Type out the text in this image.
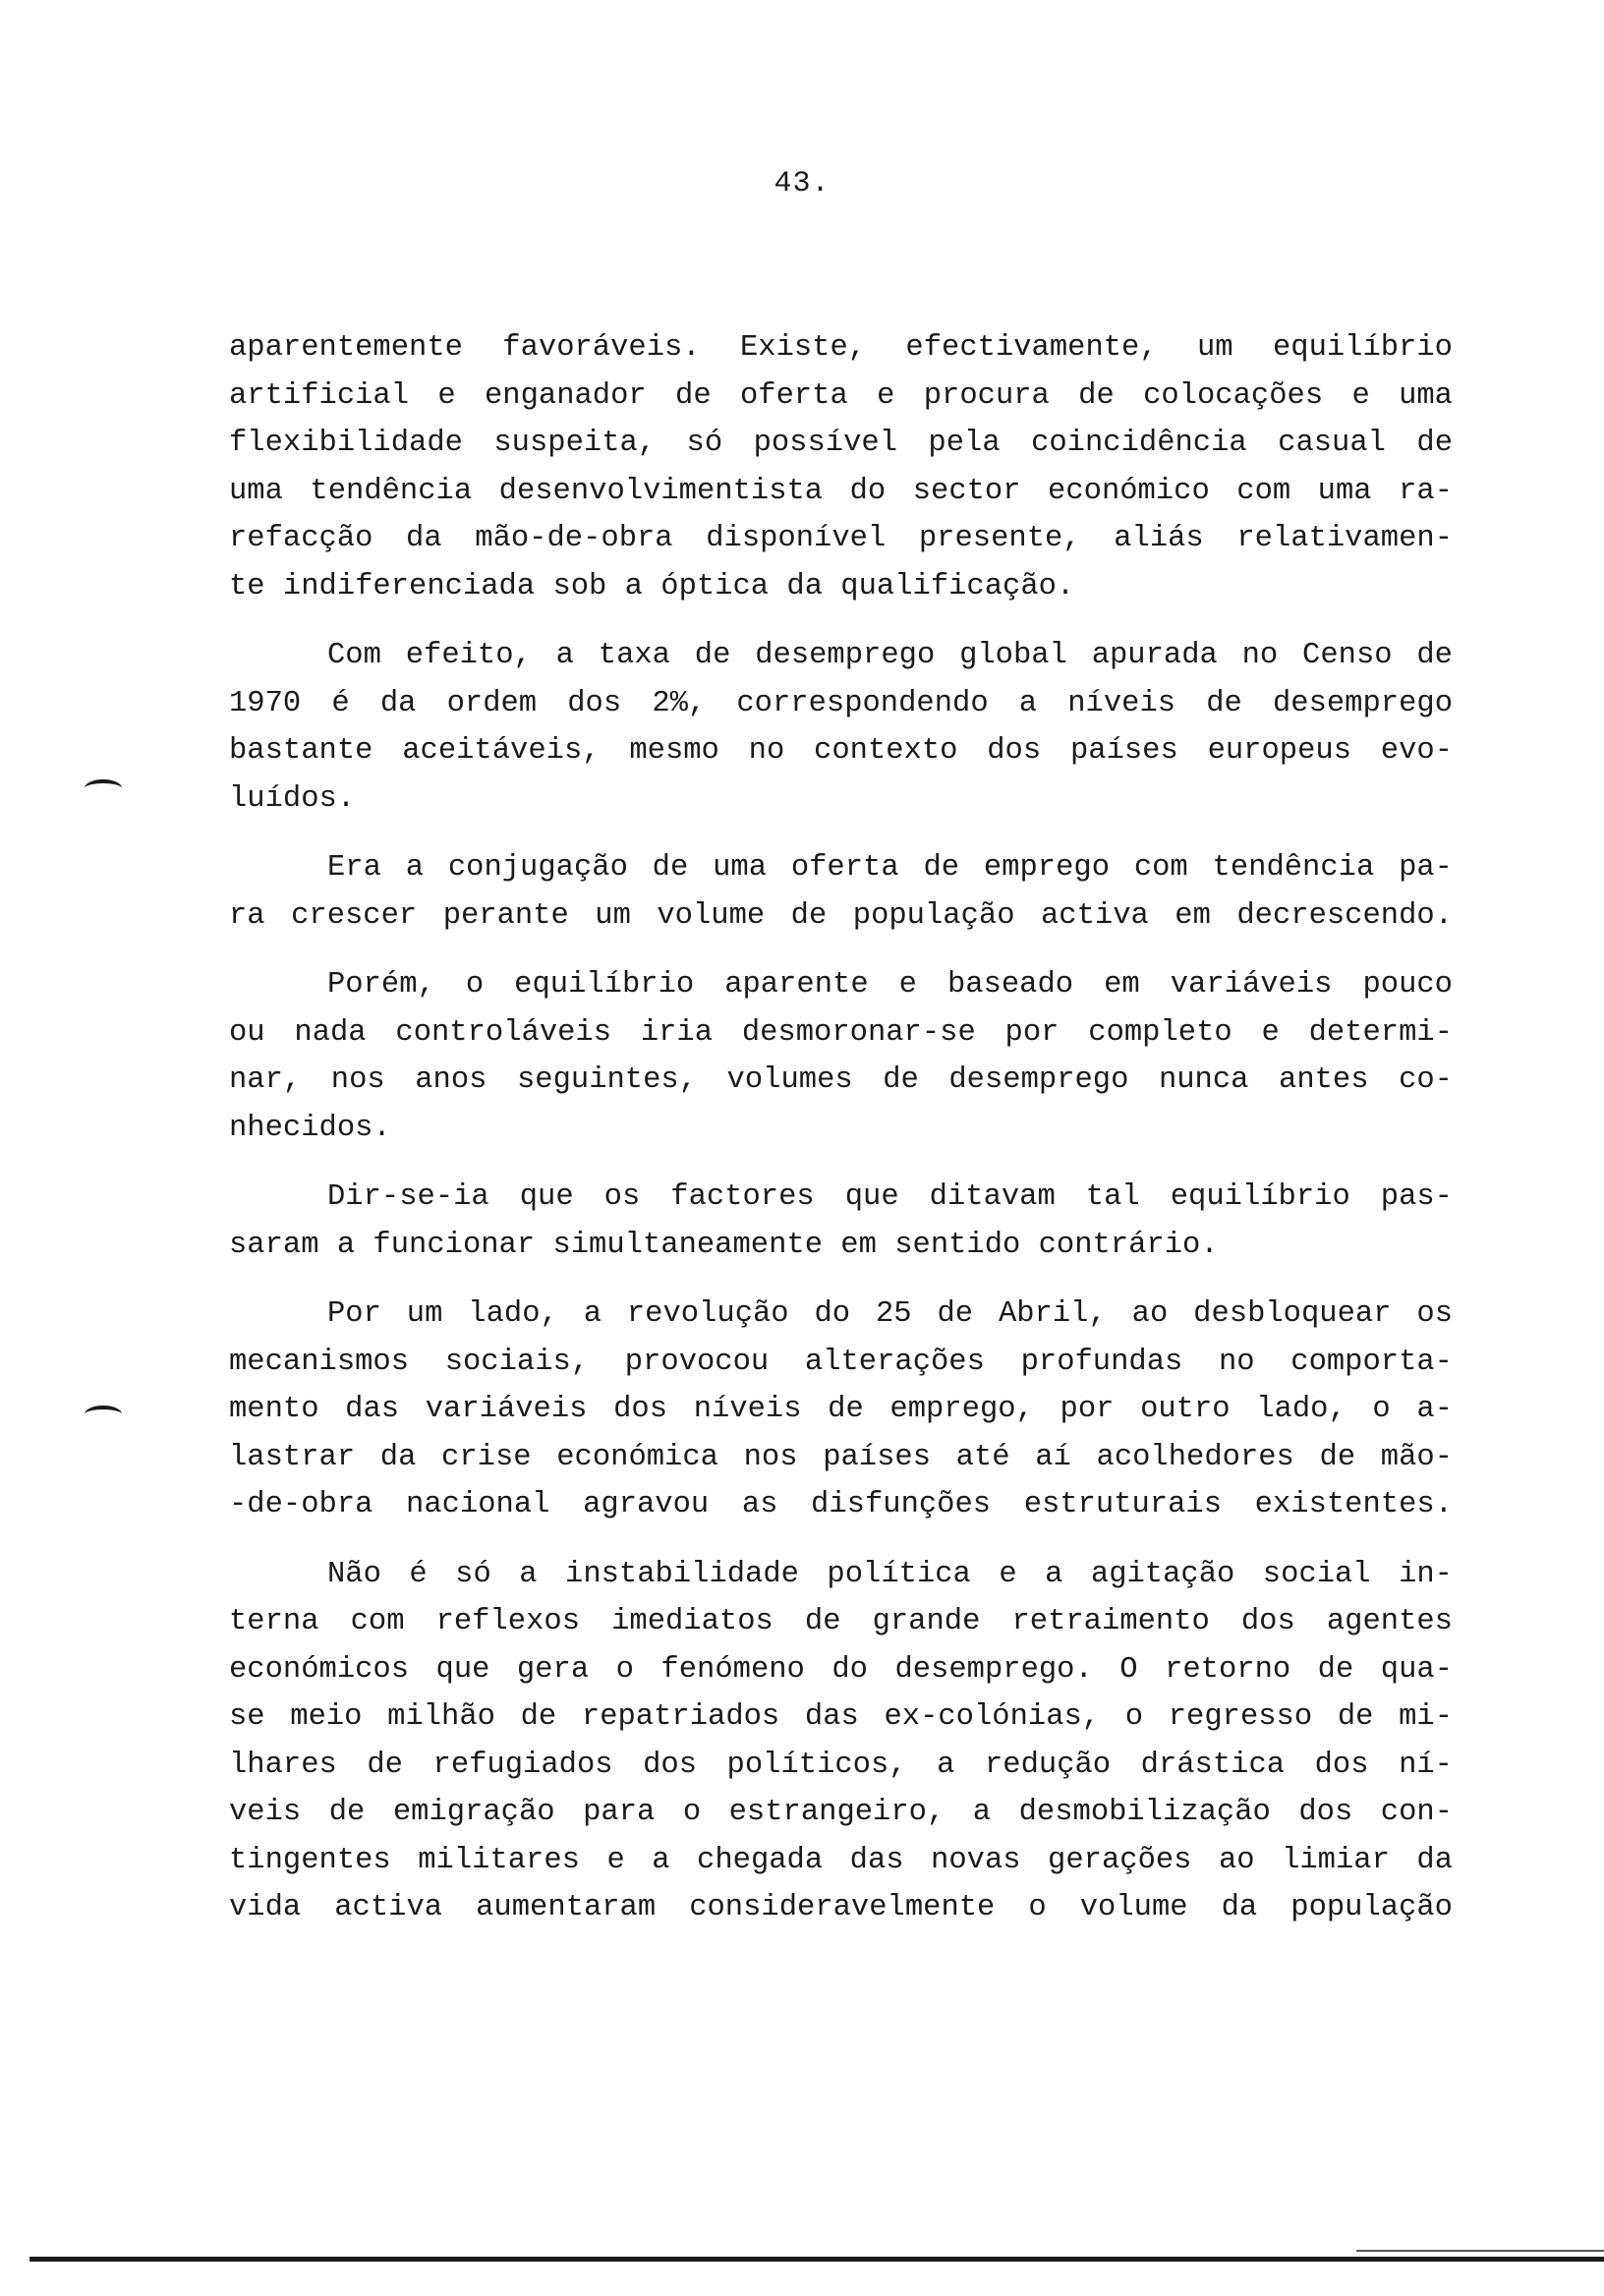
43.

aparentemente favoráveis. Existe, efectivamente, um equilíbrio
artificial e enganador de oferta e procura de colocações e uma
flexibilidade suspeita, só possível pela coincidência casual de
uma tendência desenvolvimentista do sector económico com uma ra-
refacção da mão-de-obra disponível presente, aliás relativamen-
te indiferenciada sob a óptica da qualificação.

Com efeito, a taxa de desemprego global apurada no Censo de
1970 é da ordem dos 2%, correspondendo a níveis de desemprego
bastante aceitáveis, mesmo no contexto dos países europeus evo-
luídos.

Era a conjugação de uma oferta de emprego com tendência pa-
ra crescer perante um volume de população activa em decrescendo.

Porém, o equilíbrio aparente e baseado em variáveis pouco
ou nada controláveis iria desmoronar-se por completo e determi-
nar, nos anos seguintes, volumes de desemprego nunca antes co-
nhecidos.

Dir-se-ia que os factores que ditavam tal equilíbrio pas-
saram a funcionar simultaneamente em sentido contrário.

Por um lado, a revolução do 25 de Abril, ao desbloquear os
mecanismos sociais, provocou alterações profundas no comporta-
mento das variáveis dos níveis de emprego, por outro lado, o a-
lastrar da crise económica nos países até aí acolhedores de mão-
-de-obra nacional agravou as disfunções estruturais existentes.

Não é só a instabilidade política e a agitação social in-
terna com reflexos imediatos de grande retraimento dos agentes
económicos que gera o fenómeno do desemprego. O retorno de qua-
se meio milhão de repatriados das ex-colónias, o regresso de mi-
lhares de refugiados dos políticos, a redução drástica dos ní-
veis de emigração para o estrangeiro, a desmobilização dos con-
tingentes militares e a chegada das novas gerações ao limiar da
vida activa aumentaram consideravelmente o volume da população
